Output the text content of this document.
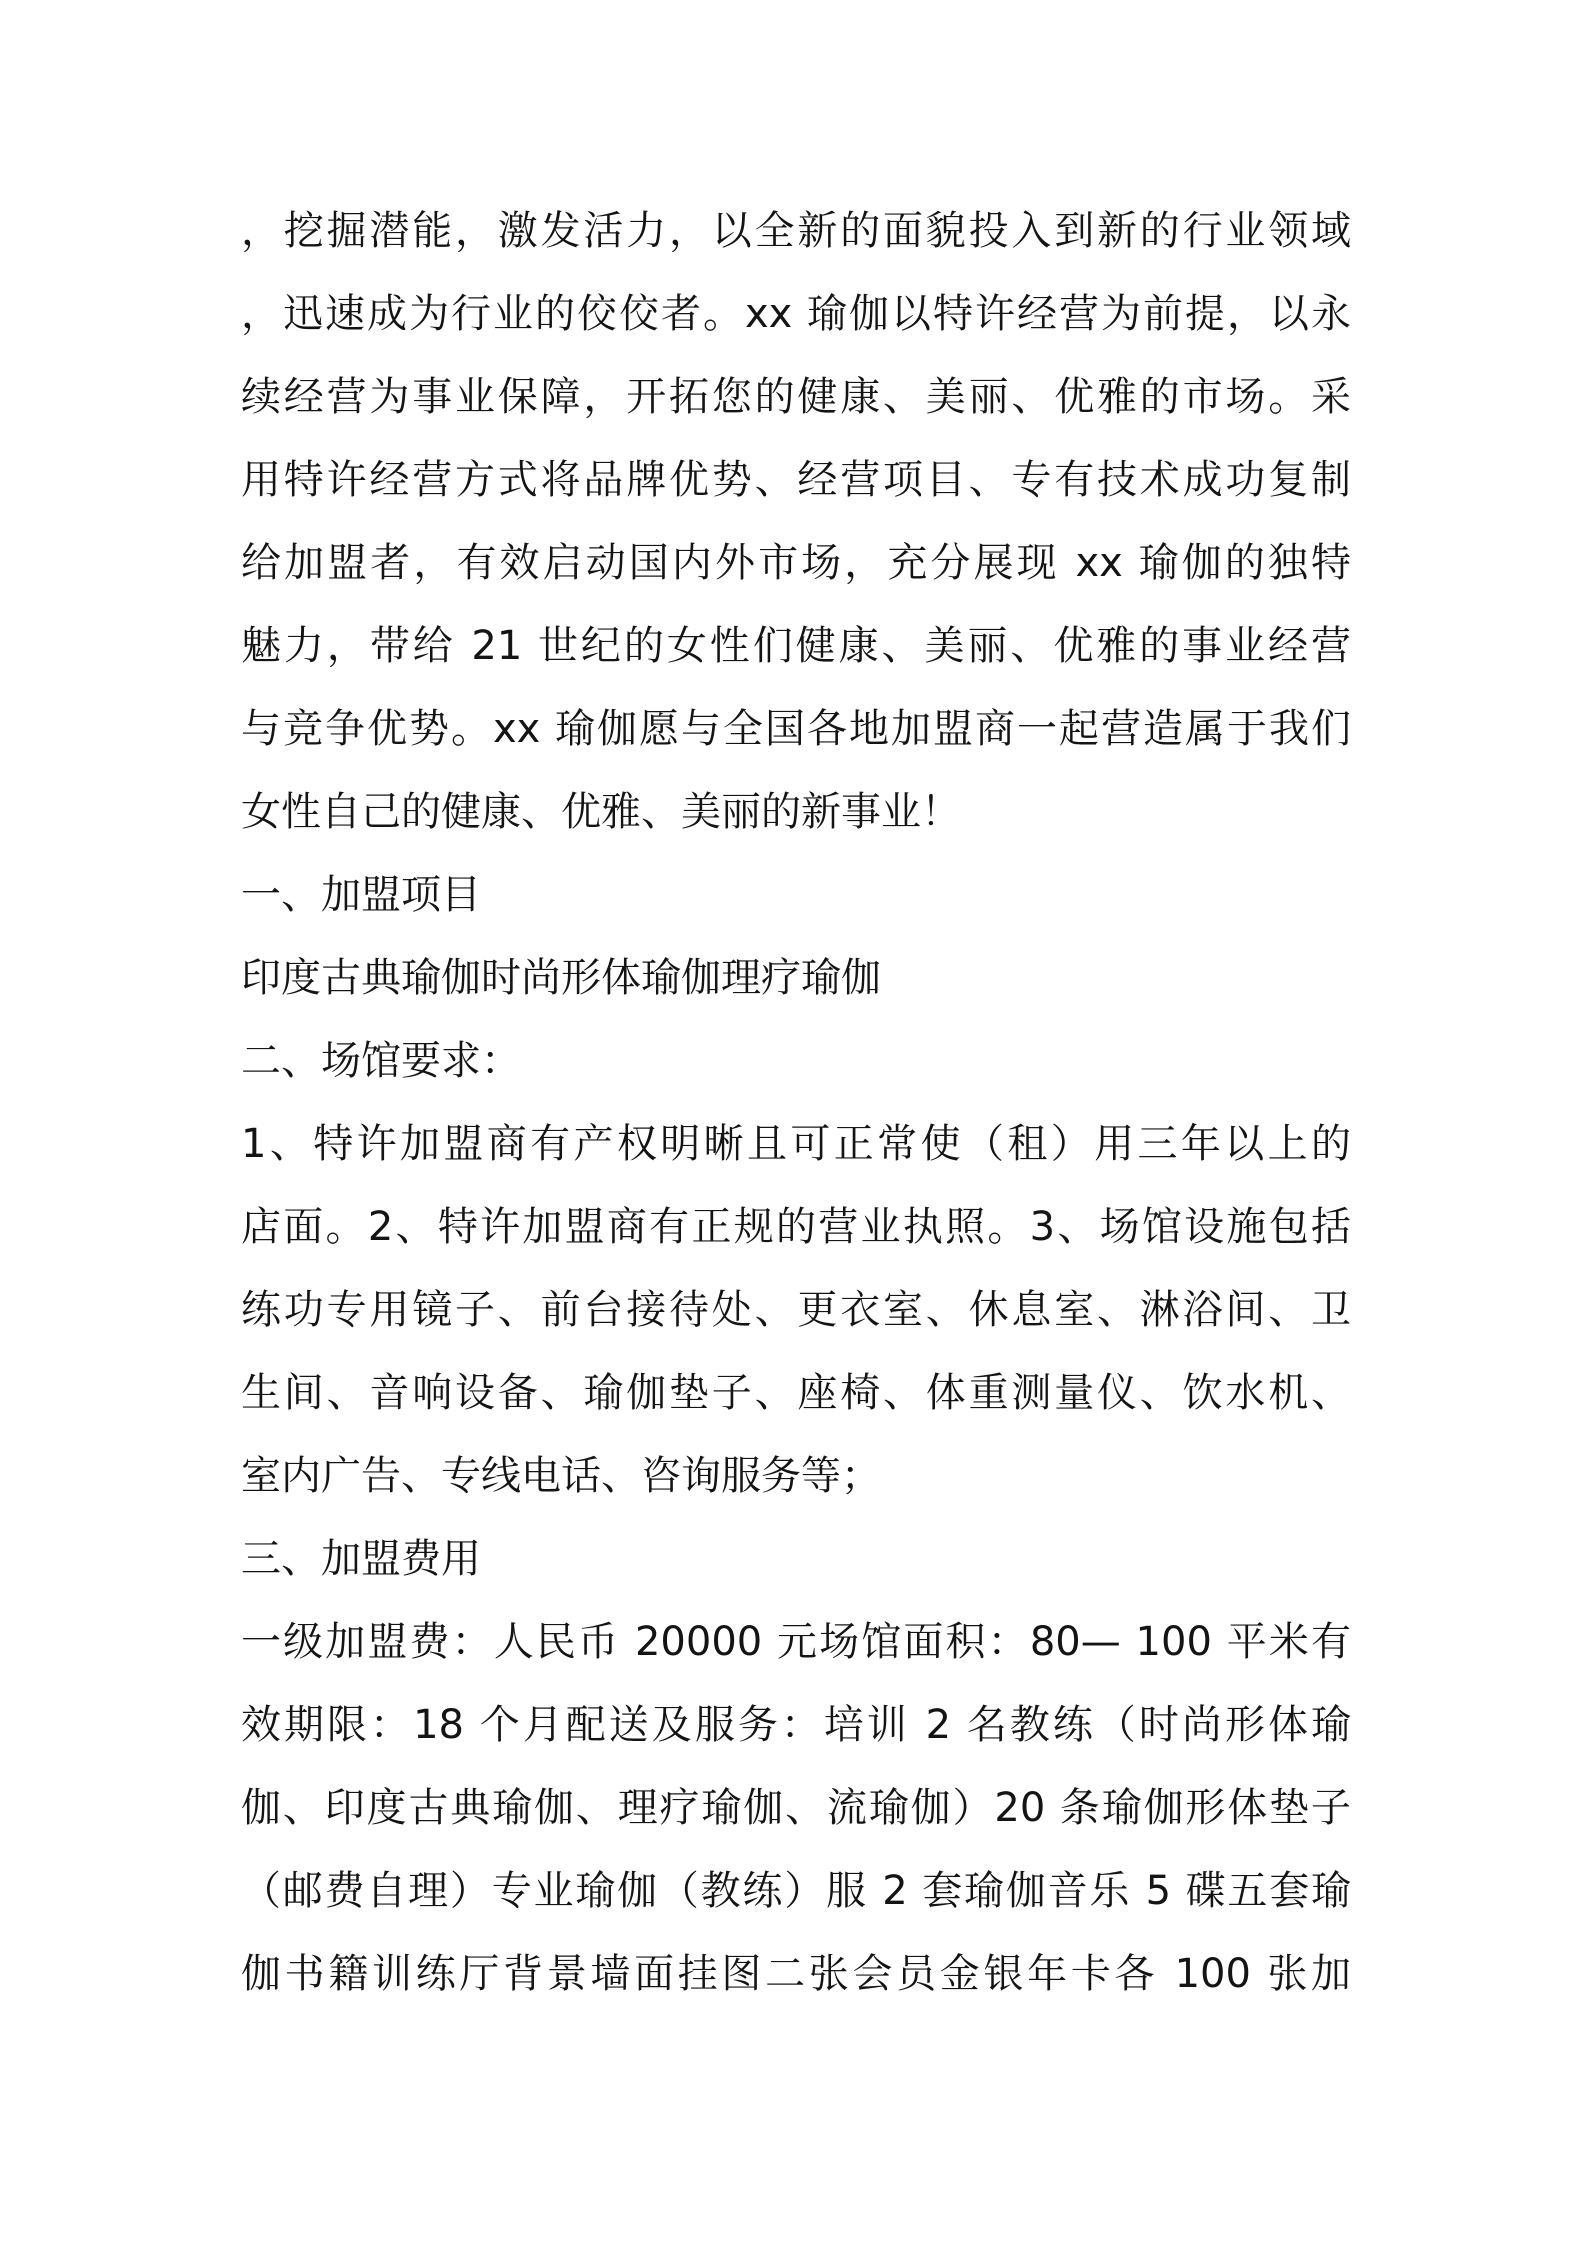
，挖掘潜能，激发活力，以全新的面貌投入到新的行业领域
，迅速成为行业的佼佼者。xx 瑜伽以特许经营为前提，以永
续经营为事业保障，开拓您的健康、美丽、优雅的市场。采
用特许经营方式将品牌优势、经营项目、专有技术成功复制
给加盟者，有效启动国内外市场，充分展现 xx 瑜伽的独特
魅力，带给 21 世纪的女性们健康、美丽、优雅的事业经营
与竞争优势。xx 瑜伽愿与全国各地加盟商一起营造属于我们
女性自己的健康、优雅、美丽的新事业！
一、加盟项目
印度古典瑜伽时尚形体瑜伽理疗瑜伽
二、场馆要求：
1、特许加盟商有产权明晰且可正常使（租）用三年以上的
店面。2、特许加盟商有正规的营业执照。3、场馆设施包括
练功专用镜子、前台接待处、更衣室、休息室、淋浴间、卫
生间、音响设备、瑜伽垫子、座椅、体重测量仪、饮水机、
室内广告、专线电话、咨询服务等；
三、加盟费用
一级加盟费：人民币 20000 元场馆面积：80— 100 平米有
效期限：18 个月配送及服务：培训 2 名教练（时尚形体瑜
伽、印度古典瑜伽、理疗瑜伽、流瑜伽）20 条瑜伽形体垫子
（邮费自理）专业瑜伽（教练）服 2 套瑜伽音乐 5 碟五套瑜
伽书籍训练厅背景墙面挂图二张会员金银年卡各 100 张加
